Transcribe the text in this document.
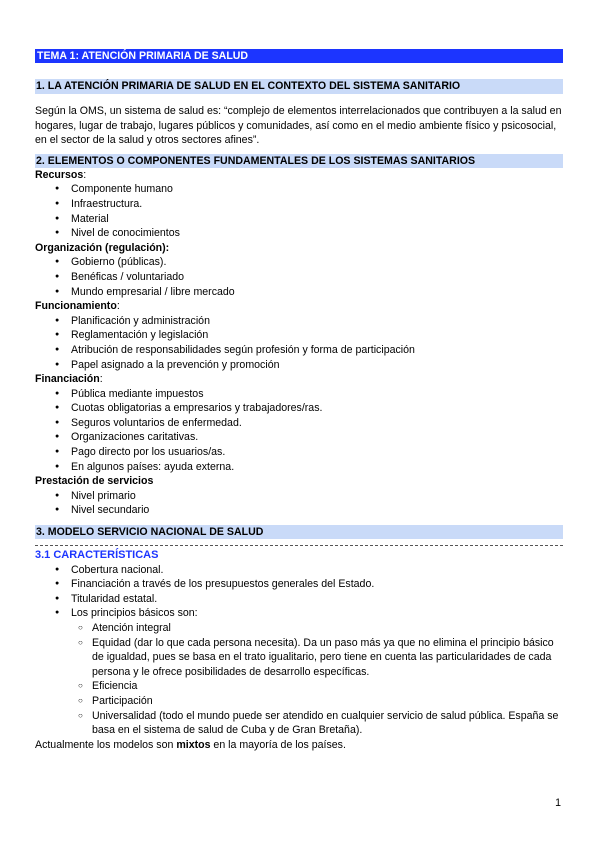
TEMA 1: ATENCIÓN PRIMARIA DE SALUD
1. LA ATENCIÓN PRIMARIA DE SALUD EN EL CONTEXTO DEL SISTEMA SANITARIO

Según la OMS, un sistema de salud es: “complejo de elementos interrelacionados que contribuyen a la salud en hogares, lugar de trabajo, lugares públicos y comunidades, así como en el medio ambiente físico y psicosocial, en el sector de la salud y otros sectores afines”.

2. ELEMENTOS O COMPONENTES FUNDAMENTALES DE LOS SISTEMAS SANITARIOS
Recursos:
● Componente humano
● Infraestructura.
● Material
● Nivel de conocimientos
Organización (regulación):
● Gobierno (públicas).
● Benéficas / voluntariado
● Mundo empresarial / libre mercado
Funcionamiento:
● Planificación y administración
● Reglamentación y legislación
● Atribución de responsabilidades según profesión y forma de participación
● Papel asignado a la prevención y promoción
Financiación:
● Pública mediante impuestos
● Cuotas obligatorias a empresarios y trabajadores/ras.
● Seguros voluntarios de enfermedad.
● Organizaciones caritativas.
● Pago directo por los usuarios/as.
● En algunos países: ayuda externa.
Prestación de servicios
● Nivel primario
● Nivel secundario
3. MODELO SERVICIO NACIONAL DE SALUD
3.1 CARACTERÍSTICAS
● Cobertura nacional.
● Financiación a través de los presupuestos generales del Estado.
● Titularidad estatal.
● Los principios básicos son:
○ Atención integral
○ Equidad (dar lo que cada persona necesita). Da un paso más ya que no elimina el principio básico de igualdad, pues se basa en el trato igualitario, pero tiene en cuenta las particularidades de cada persona y le ofrece posibilidades de desarrollo específicas.
○ Eficiencia
○ Participación
○ Universalidad (todo el mundo puede ser atendido en cualquier servicio de salud pública. España se basa en el sistema de salud de Cuba y de Gran Bretaña).

Actualmente los modelos son mixtos en la mayoría de los países.

1
